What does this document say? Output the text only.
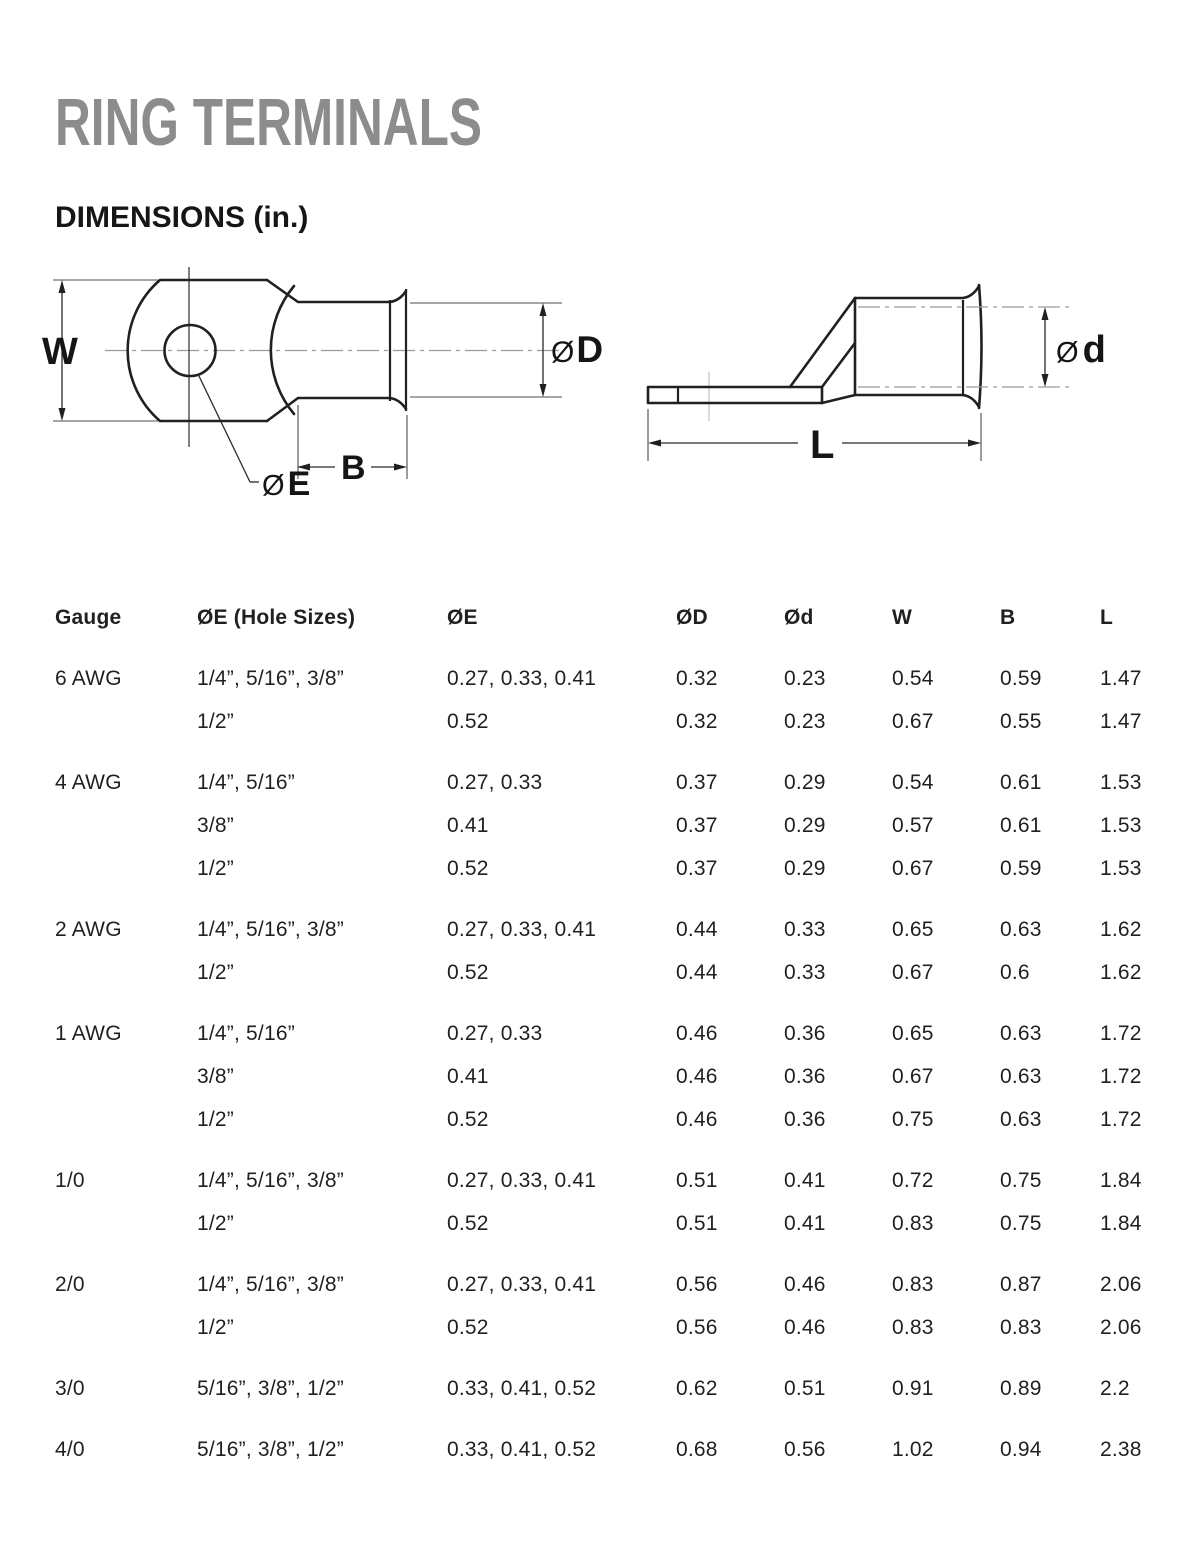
RING TERMINALS
DIMENSIONS (in.)
W	ØD
B
ØE
Ø d
L
Gauge	ØE (Hole Sizes)	ØE	ØD	Ød	W	B	L
6 AWG	1/4”, 5/16”, 3/8”	0.27, 0.33, 0.41	0.32	0.23	0.54	0.59	1.47
1/2”	0.52	0.32	0.23	0.67	0.55	1.47
4 AWG	1/4”, 5/16”	0.27, 0.33	0.37	0.29	0.54	0.61	1.53
3/8”	0.41	0.37	0.29	0.57	0.61	1.53
1/2”	0.52	0.37	0.29	0.67	0.59	1.53
2 AWG	1/4”, 5/16”, 3/8”	0.27, 0.33, 0.41	0.44	0.33	0.65	0.63	1.62
1/2”	0.52	0.44	0.33	0.67	0.6	1.62
1 AWG	1/4”, 5/16”	0.27, 0.33	0.46	0.36	0.65	0.63	1.72
3/8”	0.41	0.46	0.36	0.67	0.63	1.72
1/2”	0.52	0.46	0.36	0.75	0.63	1.72
1/0	1/4”, 5/16”, 3/8”	0.27, 0.33, 0.41	0.51	0.41	0.72	0.75	1.84
1/2”	0.52	0.51	0.41	0.83	0.75	1.84
2/0	1/4”, 5/16”, 3/8”	0.27, 0.33, 0.41	0.56	0.46	0.83	0.87	2.06
1/2”	0.52	0.56	0.46	0.83	0.83	2.06
3/0	5/16”, 3/8”, 1/2”	0.33, 0.41, 0.52	0.62	0.51	0.91	0.89	2.2
4/0	5/16”, 3/8”, 1/2”	0.33, 0.41, 0.52	0.68	0.56	1.02	0.94	2.38
